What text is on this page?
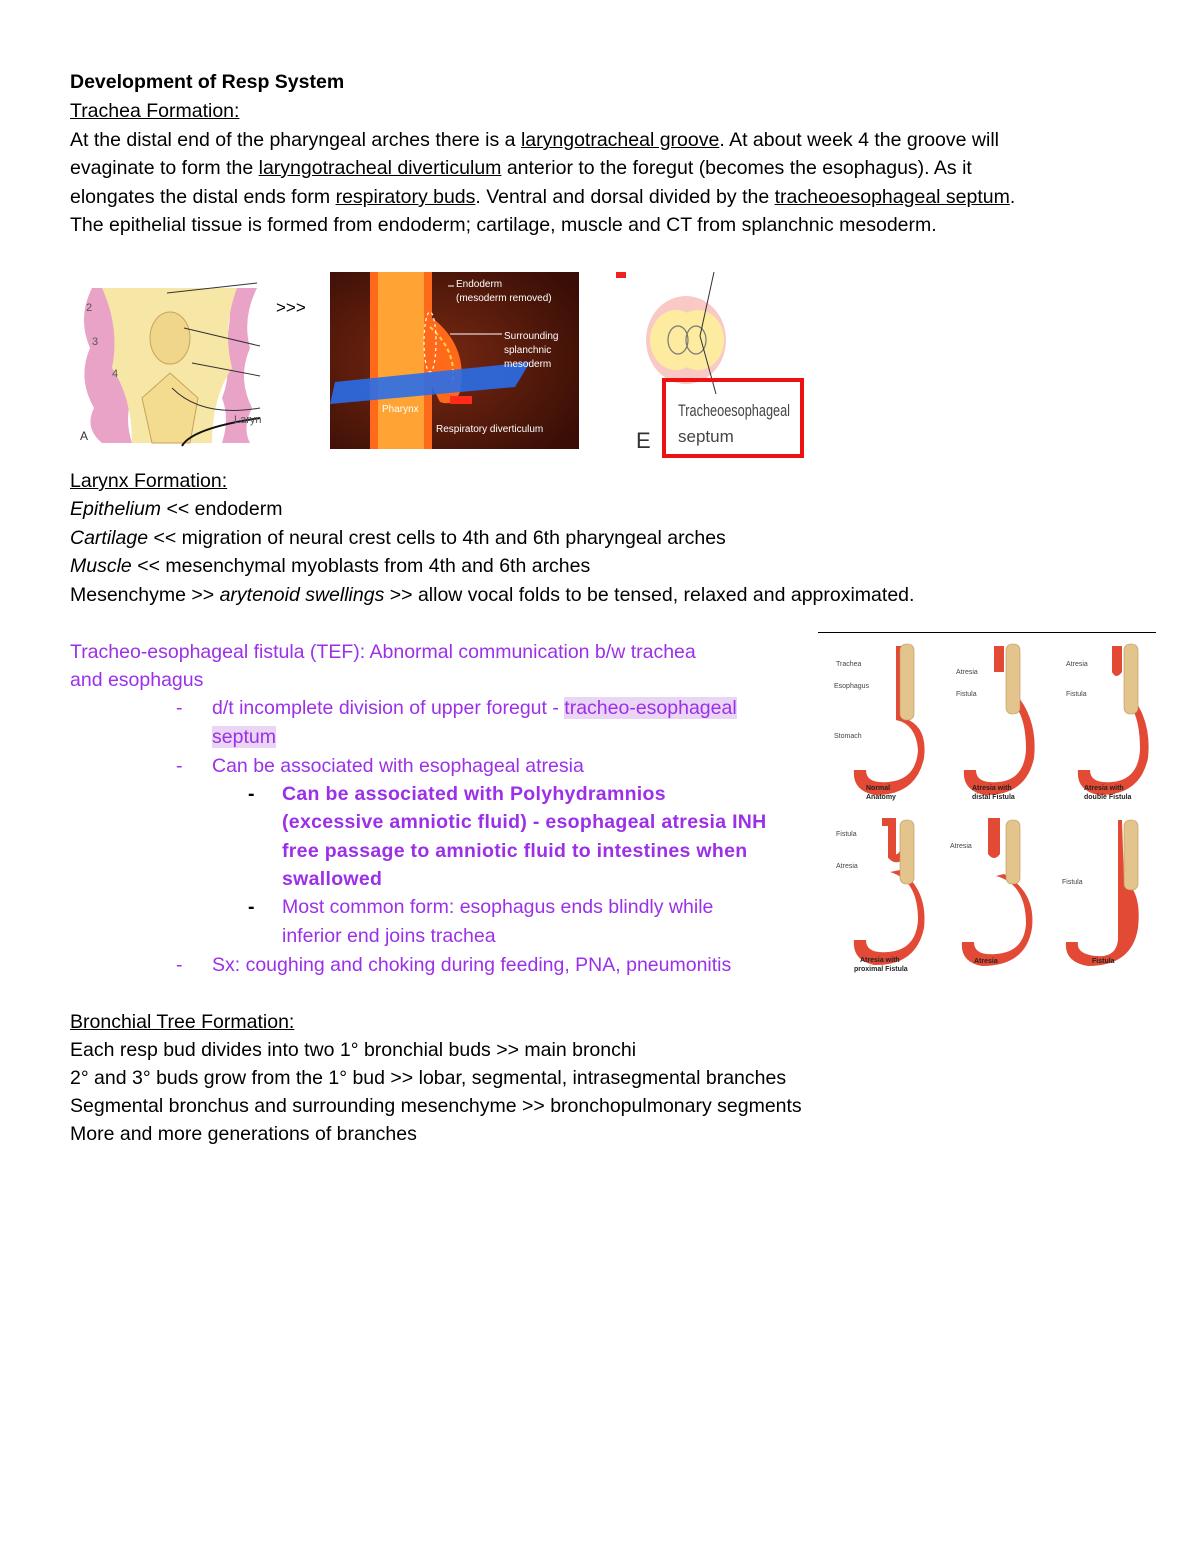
Development of Resp System
Trachea Formation:
At the distal end of the pharyngeal arches there is a laryngotracheal groove. At about week 4 the groove will
evaginate to form the laryngotracheal diverticulum anterior to the foregut (becomes the esophagus). As it
elongates the distal ends form respiratory buds. Ventral and dorsal divided by the tracheoesophageal septum.
The epithelial tissue is formed from endoderm; cartilage, muscle and CT from splanchnic mesoderm.
2
3
4
Laryn
A
>>>
Endoderm
(mesoderm removed)
Surrounding
splanchnic
mesoderm
Pharynx
Respiratory diverticulum
Tracheoesophageal
septum
E
Larynx Formation:
Epithelium << endoderm
Cartilage << migration of neural crest cells to 4th and 6th pharyngeal arches
Muscle << mesenchymal myoblasts from 4th and 6th arches
Mesenchyme >> arytenoid swellings >> allow vocal folds to be tensed, relaxed and approximated.
Tracheo-esophageal fistula (TEF): Abnormal communication b/w trachea
and esophagus
- d/t incomplete division of upper foregut - tracheo-esophageal
septum
- Can be associated with esophageal atresia
- Can be associated with Polyhydramnios
(excessive amniotic fluid) - esophageal atresia INH
free passage to amniotic fluid to intestines when
swallowed
- Most common form: esophagus ends blindly while
inferior end joins trachea
- Sx: coughing and choking during feeding, PNA, pneumonitis
Trachea
Esophagus
Stomach
Normal
Anatomy
Atresia
Fistula
Atresia with
distal Fistula
Atresia
Fistula
Atresia with
double Fistula
Fistula
Atresia
Atresia with
proximal Fistula
Atresia
Atresia
Fistula
Fistula
Bronchial Tree Formation:
Each resp bud divides into two 1° bronchial buds >> main bronchi
2° and 3° buds grow from the 1° bud >> lobar, segmental, intrasegmental branches
Segmental bronchus and surrounding mesenchyme >> bronchopulmonary segments
More and more generations of branches
